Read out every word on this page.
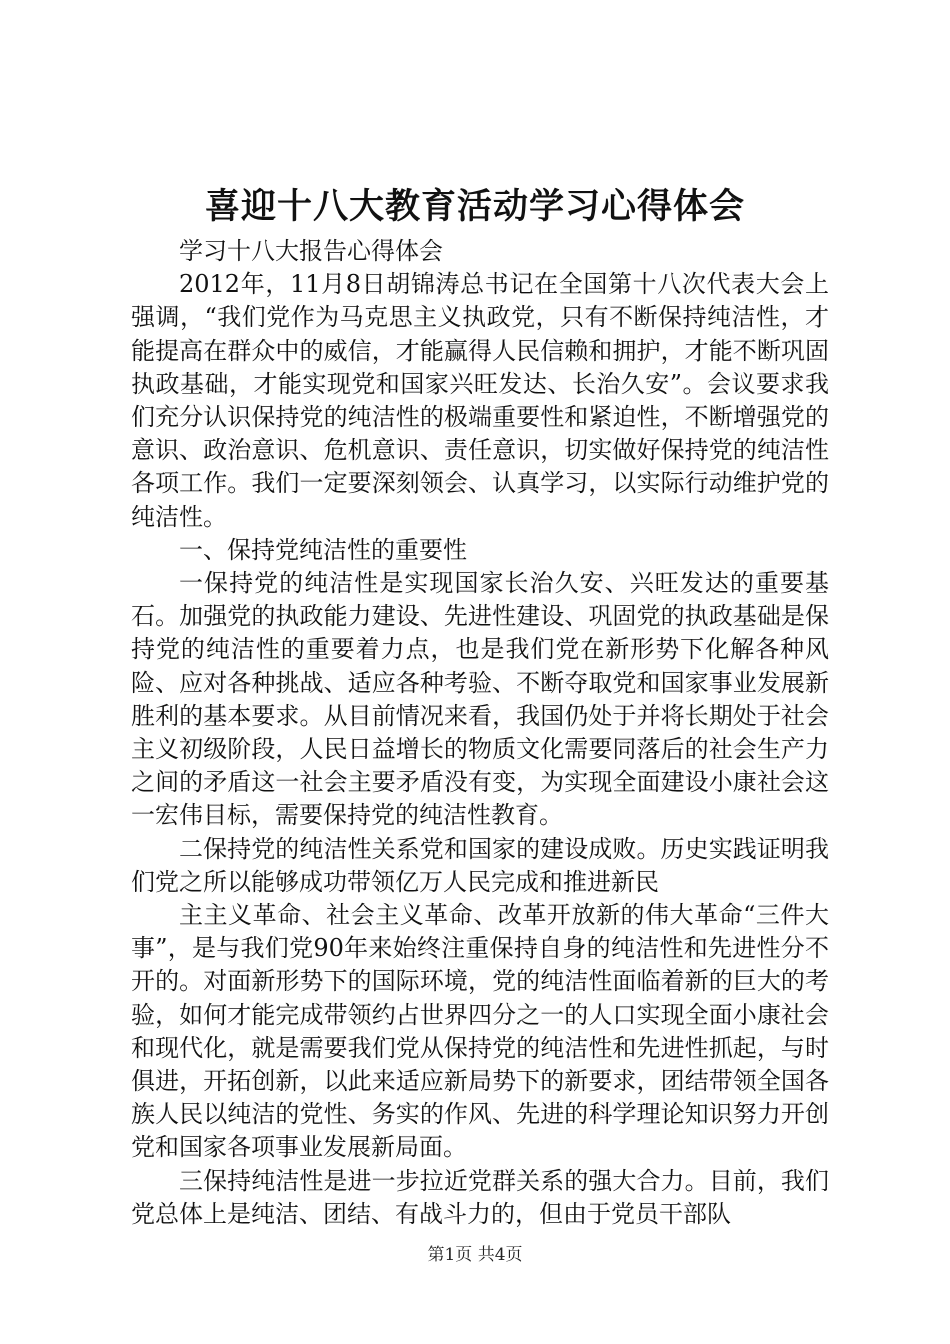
喜迎十八大教育活动学习心得体会

学习十八大报告心得体会

2012年，11月8日胡锦涛总书记在全国第十八次代表大会上强调，“我们党作为马克思主义执政党，只有不断保持纯洁性，才能提高在群众中的威信，才能赢得人民信赖和拥护，才能不断巩固执政基础，才能实现党和国家兴旺发达、长治久安”。会议要求我们充分认识保持党的纯洁性的极端重要性和紧迫性，不断增强党的意识、政治意识、危机意识、责任意识，切实做好保持党的纯洁性各项工作。我们一定要深刻领会、认真学习，以实际行动维护党的纯洁性。

一、保持党纯洁性的重要性

一保持党的纯洁性是实现国家长治久安、兴旺发达的重要基石。加强党的执政能力建设、先进性建设、巩固党的执政基础是保持党的纯洁性的重要着力点，也是我们党在新形势下化解各种风险、应对各种挑战、适应各种考验、不断夺取党和国家事业发展新胜利的基本要求。从目前情况来看，我国仍处于并将长期处于社会主义初级阶段，人民日益增长的物质文化需要同落后的社会生产力之间的矛盾这一社会主要矛盾没有变，为实现全面建设小康社会这一宏伟目标，需要保持党的纯洁性教育。

二保持党的纯洁性关系党和国家的建设成败。历史实践证明我们党之所以能够成功带领亿万人民完成和推进新民

主主义革命、社会主义革命、改革开放新的伟大革命“三件大事”，是与我们党90年来始终注重保持自身的纯洁性和先进性分不开的。对面新形势下的国际环境，党的纯洁性面临着新的巨大的考验，如何才能完成带领约占世界四分之一的人口实现全面小康社会和现代化，就是需要我们党从保持党的纯洁性和先进性抓起，与时俱进，开拓创新，以此来适应新局势下的新要求，团结带领全国各族人民以纯洁的党性、务实的作风、先进的科学理论知识努力开创党和国家各项事业发展新局面。

三保持纯洁性是进一步拉近党群关系的强大合力。目前，我们党总体上是纯洁、团结、有战斗力的，但由于党员干部队

第1页 共4页
